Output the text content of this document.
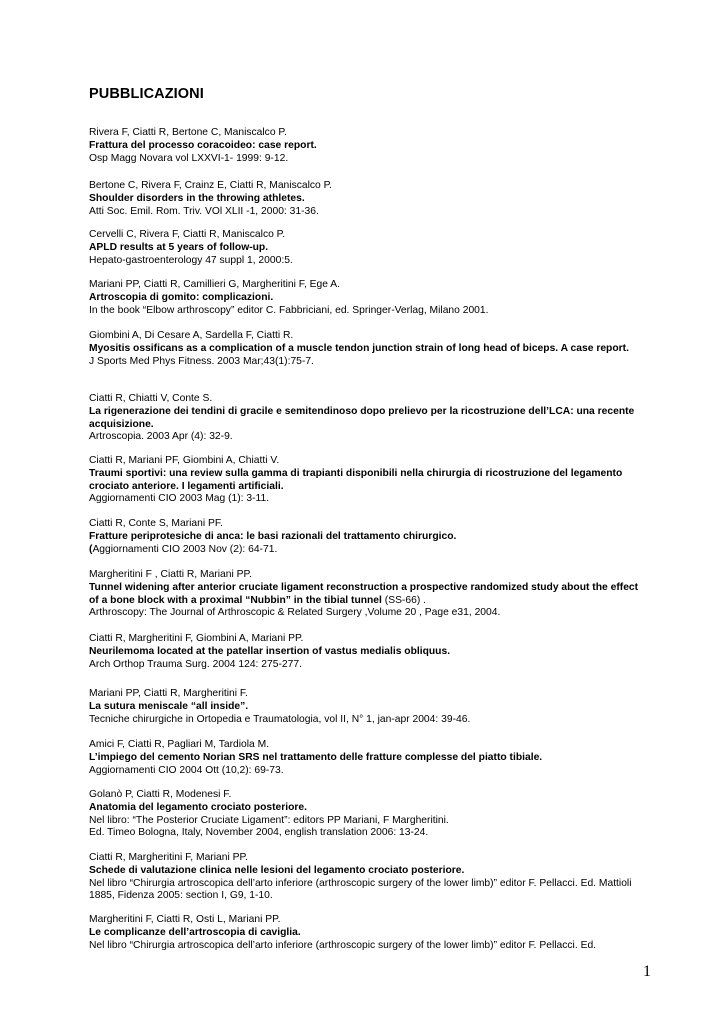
PUBBLICAZIONI
Rivera F, Ciatti R, Bertone C, Maniscalco P.
Frattura del processo coracoideo: case report.
Osp Magg Novara vol LXXVI-1- 1999: 9-12.
Bertone C, Rivera F, Crainz E, Ciatti R, Maniscalco P.
Shoulder disorders in the throwing athletes.
Atti Soc. Emil. Rom. Triv. VOl XLII -1, 2000: 31-36.
Cervelli C, Rivera F, Ciatti R, Maniscalco P.
APLD results at 5 years of follow-up.
Hepato-gastroenterology 47 suppl 1, 2000:5.
Mariani PP, Ciatti R, Camillieri G, Margheritini F, Ege A.
Artroscopia di gomito: complicazioni.
In the book “Elbow arthroscopy” editor C. Fabbriciani, ed. Springer-Verlag, Milano 2001.
Giombini A, Di Cesare A, Sardella F, Ciatti R.
Myositis ossificans as a complication of a muscle tendon junction strain of long head of biceps. A case report.
J Sports Med Phys Fitness. 2003 Mar;43(1):75-7.
Ciatti R, Chiatti V, Conte S.
La rigenerazione dei tendini di gracile e semitendinoso dopo prelievo per la ricostruzione dell’LCA: una recente acquisizione.
Artroscopia. 2003 Apr (4): 32-9.
Ciatti R, Mariani PF, Giombini A, Chiatti V.
Traumi sportivi: una review sulla gamma di trapianti disponibili nella chirurgia di ricostruzione del legamento crociato anteriore. I legamenti artificiali.
Aggiornamenti CIO 2003 Mag (1): 3-11.
Ciatti R, Conte S, Mariani PF.
Fratture periprotesiche di anca: le basi razionali del trattamento chirurgico.
(Aggiornamenti CIO 2003 Nov (2): 64-71.
Margheritini F , Ciatti R, Mariani PP.
Tunnel widening after anterior cruciate ligament reconstruction a prospective randomized study about the effect of a bone block with a proximal “Nubbin” in the tibial tunnel (SS-66) .
Arthroscopy: The Journal of Arthroscopic & Related Surgery ,Volume 20 , Page e31, 2004.
Ciatti R, Margheritini F, Giombini A, Mariani PP.
Neurilemoma located at the patellar insertion of vastus medialis obliquus.
Arch Orthop Trauma Surg. 2004 124: 275-277.
Mariani PP, Ciatti R, Margheritini F.
La sutura meniscale “all inside”.
Tecniche chirurgiche in Ortopedia e Traumatologia, vol II, N° 1, jan-apr 2004: 39-46.
Amici F, Ciatti R, Pagliari M, Tardiola M.
L’impiego del cemento Norian SRS nel trattamento delle fratture complesse del piatto tibiale.
Aggiornamenti CIO 2004 Ott (10,2): 69-73.
Golanò P, Ciatti R, Modenesi F.
Anatomia del legamento crociato posteriore.
Nel libro: “The Posterior Cruciate Ligament”: editors PP Mariani, F Margheritini.
Ed. Timeo Bologna, Italy, November 2004, english translation 2006: 13-24.
Ciatti R, Margheritini F, Mariani PP.
Schede di valutazione clinica nelle lesioni del legamento crociato posteriore.
Nel libro “Chirurgia artroscopica dell’arto inferiore (arthroscopic surgery of the lower limb)” editor F. Pellacci. Ed. Mattioli 1885, Fidenza 2005: section I, G9, 1-10.
Margheritini F, Ciatti R, Osti L, Mariani PP.
Le complicanze dell’artroscopia di caviglia.
Nel libro “Chirurgia artroscopica dell’arto inferiore (arthroscopic surgery of the lower limb)” editor F. Pellacci. Ed.
1
